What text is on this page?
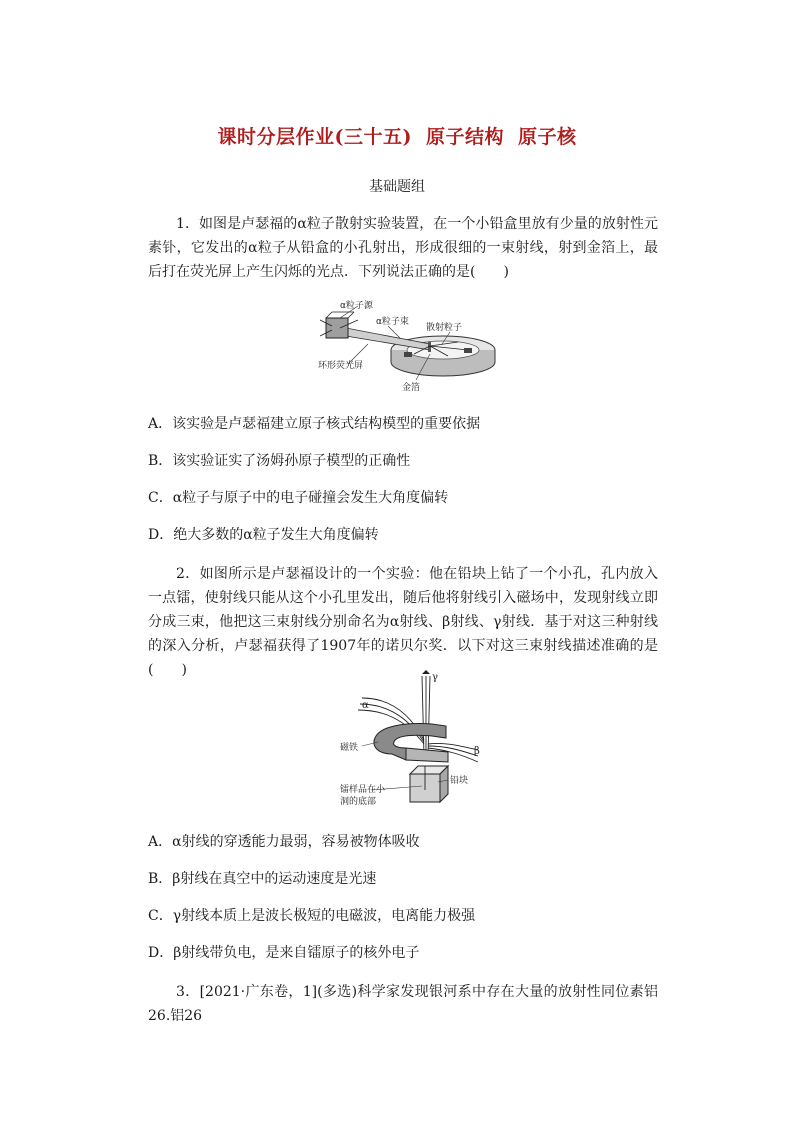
课时分层作业(三十五) 原子结构 原子核
基础题组
1．如图是卢瑟福的α粒子散射实验装置，在一个小铅盒里放有少量的放射性元素钋，它发出的α粒子从铅盒的小孔射出，形成很细的一束射线，射到金箔上，最后打在荧光屏上产生闪烁的光点．下列说法正确的是(　　)
α粒子源
α粒子束
散射粒子
环形荧光屏
金箔
A．该实验是卢瑟福建立原子核式结构模型的重要依据
B．该实验证实了汤姆孙原子模型的正确性
C．α粒子与原子中的电子碰撞会发生大角度偏转
D．绝大多数的α粒子发生大角度偏转
2．如图所示是卢瑟福设计的一个实验：他在铅块上钻了一个小孔，孔内放入一点镭，使射线只能从这个小孔里发出，随后他将射线引入磁场中，发现射线立即分成三束，他把这三束射线分别命名为α射线、β射线、γ射线．基于对这三种射线的深入分析，卢瑟福获得了1907年的诺贝尔奖．以下对这三束射线描述准确的是(　　)
α
γ
β
磁铁
铅块
镭样品在小
洞的底部
A．α射线的穿透能力最弱，容易被物体吸收
B．β射线在真空中的运动速度是光速
C．γ射线本质上是波长极短的电磁波，电离能力极强
D．β射线带负电，是来自镭原子的核外电子
3．[2021·广东卷，1](多选)科学家发现银河系中存在大量的放射性同位素铝26.铝26
